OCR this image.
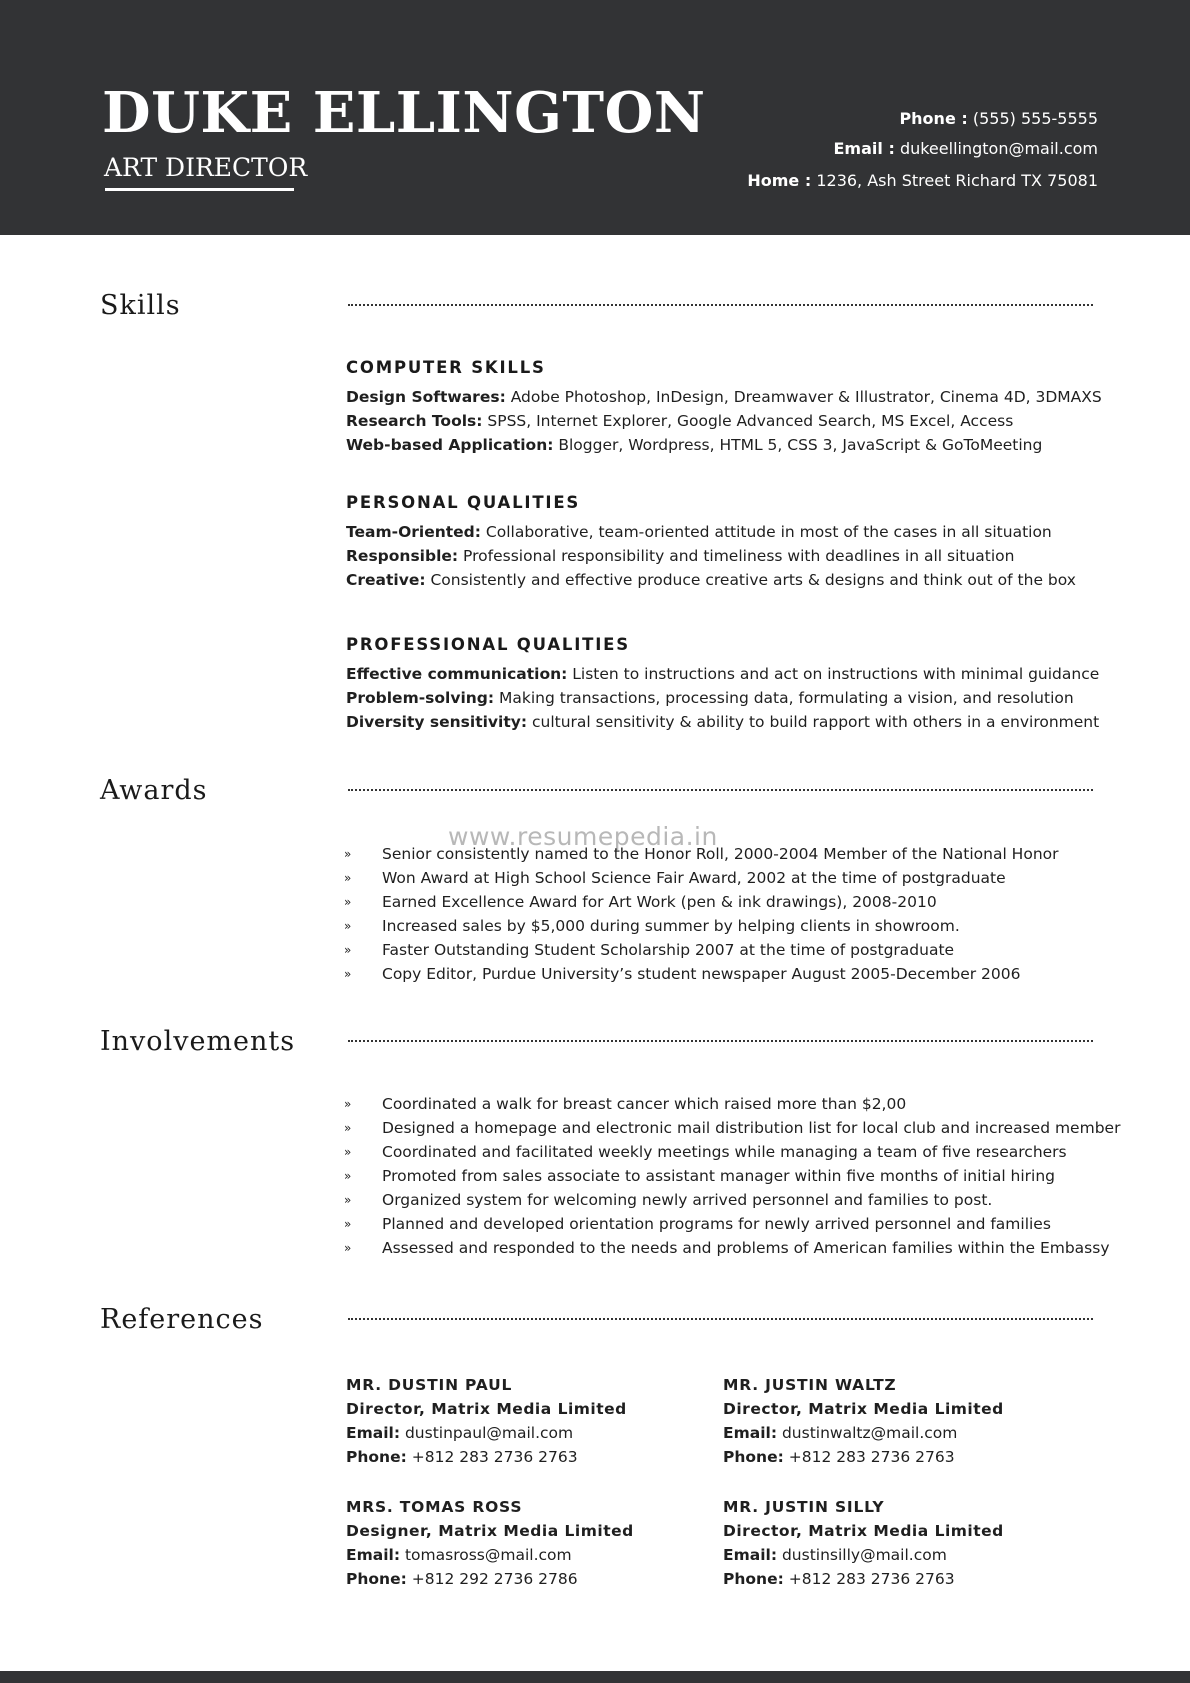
DUKE ELLINGTON
ART DIRECTOR
Phone : (555) 555-5555
Email : dukeellington@mail.com
Home : 1236, Ash Street Richard TX 75081
Skills
COMPUTER SKILLS
Design Softwares: Adobe Photoshop, InDesign, Dreamwaver & Illustrator, Cinema 4D, 3DMAXS
Research Tools: SPSS, Internet Explorer, Google Advanced Search, MS Excel, Access
Web-based Application: Blogger, Wordpress, HTML 5, CSS 3, JavaScript & GoToMeeting
PERSONAL QUALITIES
Team-Oriented: Collaborative, team-oriented attitude in most of the cases in all situation
Responsible: Professional responsibility and timeliness with deadlines in all situation
Creative: Consistently and effective produce creative arts & designs and think out of the box
PROFESSIONAL QUALITIES
Effective communication: Listen to instructions and act on instructions with minimal guidance
Problem-solving: Making transactions, processing data, formulating a vision, and resolution
Diversity sensitivity: cultural sensitivity & ability to build rapport with others in a environment
Awards
www.resumepedia.in
» Senior consistently named to the Honor Roll, 2000-2004 Member of the National Honor
» Won Award at High School Science Fair Award, 2002 at the time of postgraduate
» Earned Excellence Award for Art Work (pen & ink drawings), 2008-2010
» Increased sales by $5,000 during summer by helping clients in showroom.
» Faster Outstanding Student Scholarship 2007 at the time of postgraduate
» Copy Editor, Purdue University’s student newspaper August 2005-December 2006
Involvements
» Coordinated a walk for breast cancer which raised more than $2,00
» Designed a homepage and electronic mail distribution list for local club and increased member
» Coordinated and facilitated weekly meetings while managing a team of five researchers
» Promoted from sales associate to assistant manager within five months of initial hiring
» Organized system for welcoming newly arrived personnel and families to post.
» Planned and developed orientation programs for newly arrived personnel and families
» Assessed and responded to the needs and problems of American families within the Embassy
References
MR. DUSTIN PAUL
Director, Matrix Media Limited
Email: dustinpaul@mail.com
Phone: +812 283 2736 2763
MR. JUSTIN WALTZ
Director, Matrix Media Limited
Email: dustinwaltz@mail.com
Phone: +812 283 2736 2763
MRS. TOMAS ROSS
Designer, Matrix Media Limited
Email: tomasross@mail.com
Phone: +812 292 2736 2786
MR. JUSTIN SILLY
Director, Matrix Media Limited
Email: dustinsilly@mail.com
Phone: +812 283 2736 2763
